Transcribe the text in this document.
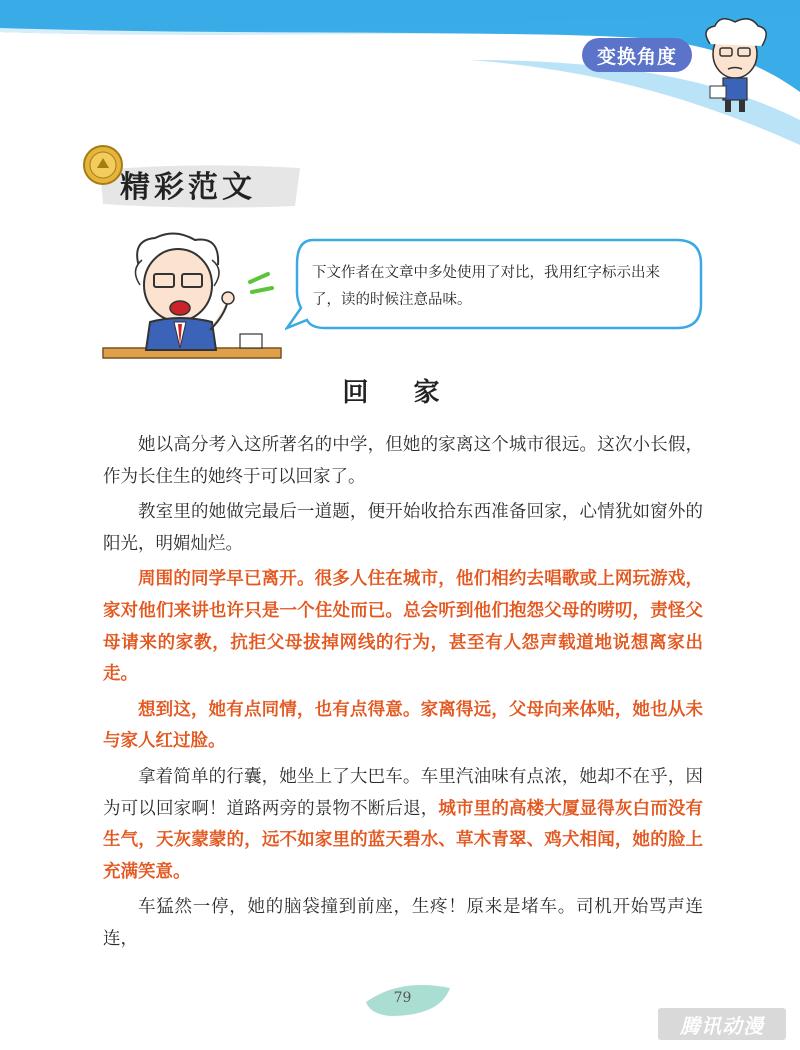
变换角度
精彩范文
下文作者在文章中多处使用了对比，我用红字标示出来了，读的时候注意品味。
回 家

她以高分考入这所著名的中学，但她的家离这个城市很远。这次小长假，作为长住生的她终于可以回家了。

教室里的她做完最后一道题，便开始收拾东西准备回家，心情犹如窗外的阳光，明媚灿烂。

周围的同学早已离开。很多人住在城市，他们相约去唱歌或上网玩游戏，家对他们来讲也许只是一个住处而已。总会听到他们抱怨父母的唠叨，责怪父母请来的家教，抗拒父母拔掉网线的行为，甚至有人怨声载道地说想离家出走。

想到这，她有点同情，也有点得意。家离得远，父母向来体贴，她也从未与家人红过脸。

拿着简单的行囊，她坐上了大巴车。车里汽油味有点浓，她却不在乎，因为可以回家啊！道路两旁的景物不断后退，城市里的高楼大厦显得灰白而没有生气，天灰蒙蒙的，远不如家里的蓝天碧水、草木青翠、鸡犬相闻，她的脸上充满笑意。

车猛然一停，她的脑袋撞到前座，生疼！原来是堵车。司机开始骂声连连，

79
腾讯动漫
